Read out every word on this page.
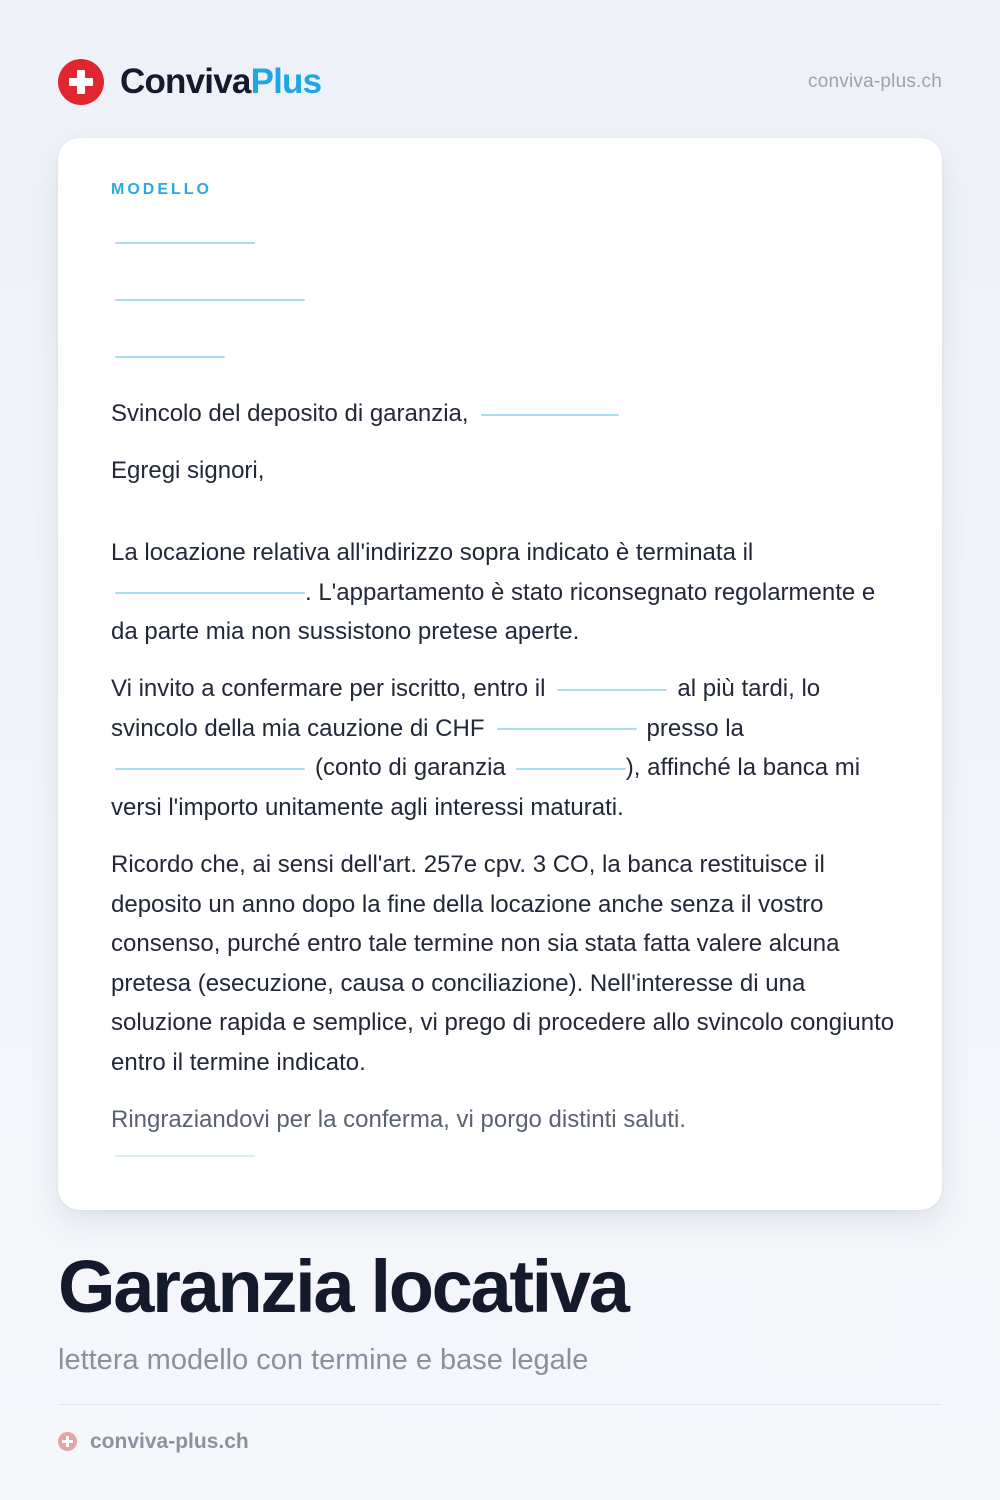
ConvivaPlus	conviva-plus.ch
MODELLO
Svincolo del deposito di garanzia,
Egregi signori,

La locazione relativa all'indirizzo sopra indicato è terminata il . L'appartamento è stato riconsegnato regolarmente e da parte mia non sussistono pretese aperte.

Vi invito a confermare per iscritto, entro il	al più tardi, lo svincolo della mia cauzione di CHF	presso la (conto di garanzia	), affinché la banca mi versi l'importo unitamente agli interessi maturati.

Ricordo che, ai sensi dell'art. 257e cpv. 3 CO, la banca restituisce il deposito un anno dopo la fine della locazione anche senza il vostro consenso, purché entro tale termine non sia stata fatta valere alcuna pretesa (esecuzione, causa o conciliazione). Nell'interesse di una soluzione rapida e semplice, vi prego di procedere allo svincolo congiunto entro il termine indicato.

Ringraziandovi per la conferma, vi porgo distinti saluti.

Garanzia locativa
lettera modello con termine e base legale
conviva-plus.ch
